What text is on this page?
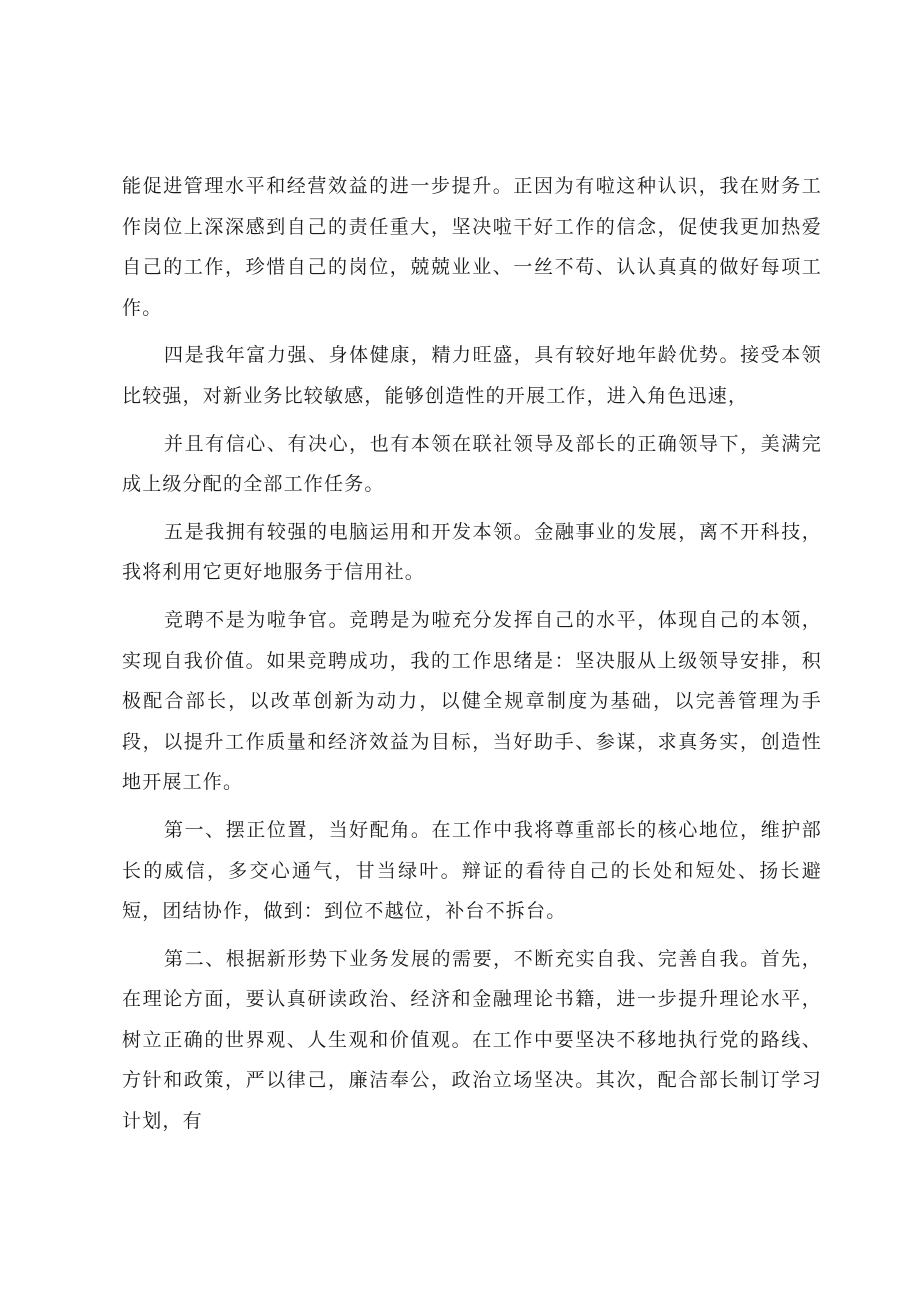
能促进管理水平和经营效益的进一步提升。正因为有啦这种认识，我在财务工作岗位上深深感到自己的责任重大，坚决啦干好工作的信念，促使我更加热爱自己的工作，珍惜自己的岗位，兢兢业业、一丝不苟、认认真真的做好每项工作。

四是我年富力强、身体健康，精力旺盛，具有较好地年龄优势。接受本领比较强，对新业务比较敏感，能够创造性的开展工作，进入角色迅速，

并且有信心、有决心，也有本领在联社领导及部长的正确领导下，美满完成上级分配的全部工作任务。

五是我拥有较强的电脑运用和开发本领。金融事业的发展，离不开科技，我将利用它更好地服务于信用社。

竞聘不是为啦争官。竞聘是为啦充分发挥自己的水平，体现自己的本领，实现自我价值。如果竞聘成功，我的工作思绪是：坚决服从上级领导安排，积极配合部长，以改革创新为动力，以健全规章制度为基础，以完善管理为手段，以提升工作质量和经济效益为目标，当好助手、参谋，求真务实，创造性地开展工作。

第一、摆正位置，当好配角。在工作中我将尊重部长的核心地位，维护部长的威信，多交心通气，甘当绿叶。辩证的看待自己的长处和短处、扬长避短，团结协作，做到：到位不越位，补台不拆台。

第二、根据新形势下业务发展的需要，不断充实自我、完善自我。首先，在理论方面，要认真研读政治、经济和金融理论书籍，进一步提升理论水平，树立正确的世界观、人生观和价值观。在工作中要坚决不移地执行党的路线、方针和政策，严以律己，廉洁奉公，政治立场坚决。其次，配合部长制订学习计划，有
